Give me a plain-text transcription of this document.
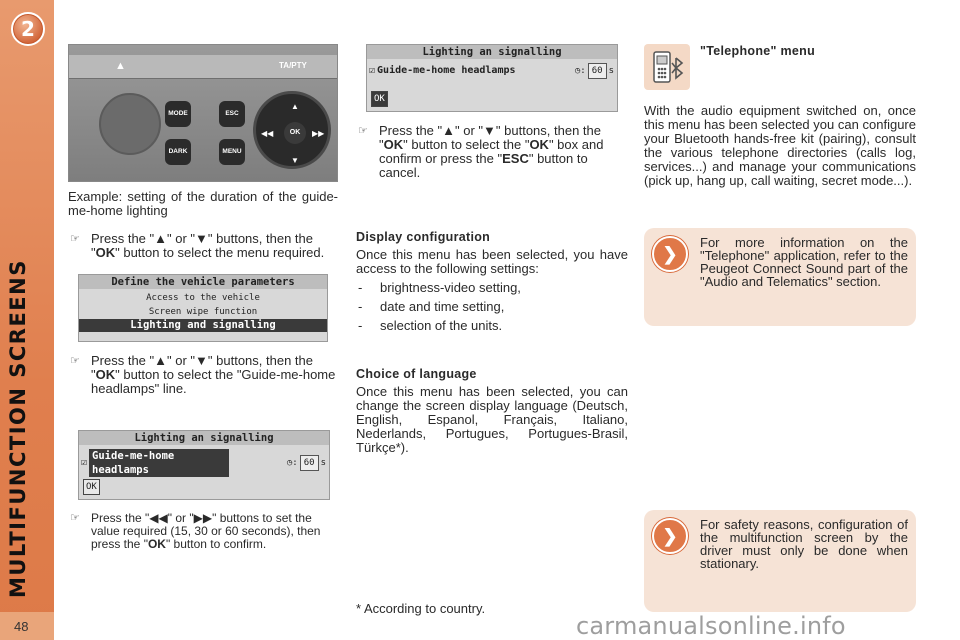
2
MULTIFUNCTION SCREENS
48
▲	TA/PTY
MODE
DARK
ESC
MENU
▲
▼
◀◀	▶▶
OK

Example: setting of the duration of the guide-me-home lighting

☞ Press the "▲" or "▼" buttons, then the "OK" button to select the menu required.
Define the vehicle parameters
Access to the vehicle
Screen wipe function
Lighting and signalling
☞ Press the "▲" or "▼" buttons, then the "OK" button to select the "Guide-me-home headlamps" line.
Lighting an signalling
☑
Guide-me-home headlamps
◷: 60 s
OK
☞ Press the "◀◀" or "▶▶" buttons to set the value required (15, 30 or 60 seconds), then press the "OK" button to confirm.
Lighting an signalling
☑ Guide-me-home headlamps	◷: 60 s
OK
☞ Press the "▲" or "▼" buttons, then the "OK" button to select the "OK" box and confirm or press the "ESC" button to cancel.
Display configuration

Once this menu has been selected, you have access to the following settings:

- brightness-video setting,
- date and time setting,
- selection of the units.
Choice of language

Once this menu has been selected, you can change the screen display language (Deutsch, English, Espanol, Français, Italiano, Nederlands, Portugues, Portugues-Brasil, Türkçe*).

* According to country.
"Telephone" menu

With the audio equipment switched on, once this menu has been selected you can configure your Bluetooth hands-free kit (pairing), consult the various telephone directories (calls log, services...) and manage your communications (pick up, hang up, call waiting, secret mode...).

❯

For more information on the "Telephone" application, refer to the Peugeot Connect Sound part of the "Audio and Telematics" section.

❯

For safety reasons, configuration of the multifunction screen by the driver must only be done when stationary.

carmanualsonline.info
